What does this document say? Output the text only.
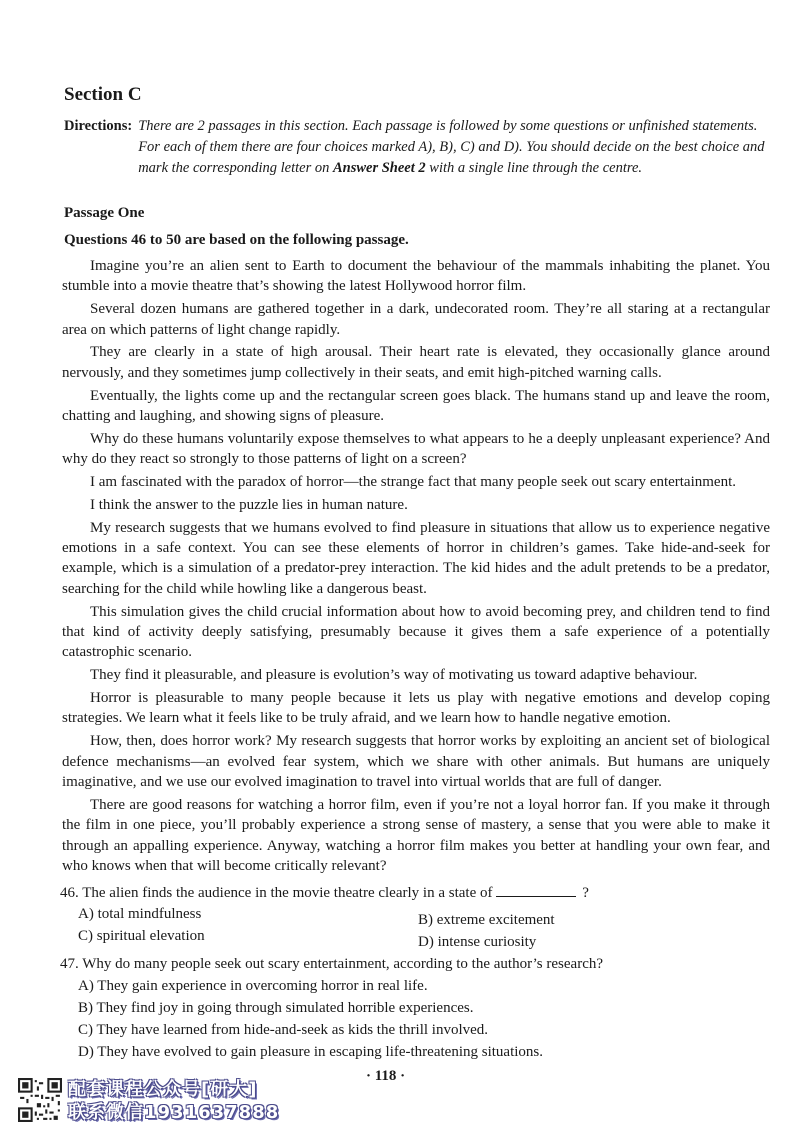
Section C
Directions: There are 2 passages in this section. Each passage is followed by some questions or unfinished statements. For each of them there are four choices marked A), B), C) and D). You should decide on the best choice and mark the corresponding letter on Answer Sheet 2 with a single line through the centre.
Passage One
Questions 46 to 50 are based on the following passage.

Imagine you’re an alien sent to Earth to document the behaviour of the mammals inhabiting the planet. You stumble into a movie theatre that’s showing the latest Hollywood horror film.

Several dozen humans are gathered together in a dark, undecorated room. They’re all staring at a rectangular area on which patterns of light change rapidly.

They are clearly in a state of high arousal. Their heart rate is elevated, they occasionally glance around nervously, and they sometimes jump collectively in their seats, and emit high-pitched warning calls.

Eventually, the lights come up and the rectangular screen goes black. The humans stand up and leave the room, chatting and laughing, and showing signs of pleasure.

Why do these humans voluntarily expose themselves to what appears to he a deeply unpleasant experience? And why do they react so strongly to those patterns of light on a screen?

I am fascinated with the paradox of horror—the strange fact that many people seek out scary entertainment.

I think the answer to the puzzle lies in human nature.

My research suggests that we humans evolved to find pleasure in situations that allow us to experience negative emotions in a safe context. You can see these elements of horror in children’s games. Take hide-and-seek for example, which is a simulation of a predator-prey interaction. The kid hides and the adult pretends to be a predator, searching for the child while howling like a dangerous beast.

This simulation gives the child crucial information about how to avoid becoming prey, and children tend to find that kind of activity deeply satisfying, presumably because it gives them a safe experience of a potentially catastrophic scenario.

They find it pleasurable, and pleasure is evolution’s way of motivating us toward adaptive behaviour.

Horror is pleasurable to many people because it lets us play with negative emotions and develop coping strategies. We learn what it feels like to be truly afraid, and we learn how to handle negative emotion.

How, then, does horror work? My research suggests that horror works by exploiting an ancient set of biological defence mechanisms—an evolved fear system, which we share with other animals. But humans are uniquely imaginative, and we use our evolved imagination to travel into virtual worlds that are full of danger.

There are good reasons for watching a horror film, even if you’re not a loyal horror fan. If you make it through the film in one piece, you’ll probably experience a strong sense of mastery, a sense that you were able to make it through an appalling experience. Anyway, watching a horror film makes you better at handling your own fear, and who knows when that will become critically relevant?

46. The alien finds the audience in the movie theatre clearly in a state of	?
A) total mindfulness	B) extreme excitement
C) spiritual elevation	D) intense curiosity
47. Why do many people seek out scary entertainment, according to the author’s research?
A) They gain experience in overcoming horror in real life.
B) They find joy in going through simulated horrible experiences.
C) They have learned from hide-and-seek as kids the thrill involved.
D) They have evolved to gain pleasure in escaping life-threatening situations.
· 118 ·
配套课程公众号[研大]
联系微信1931637888
